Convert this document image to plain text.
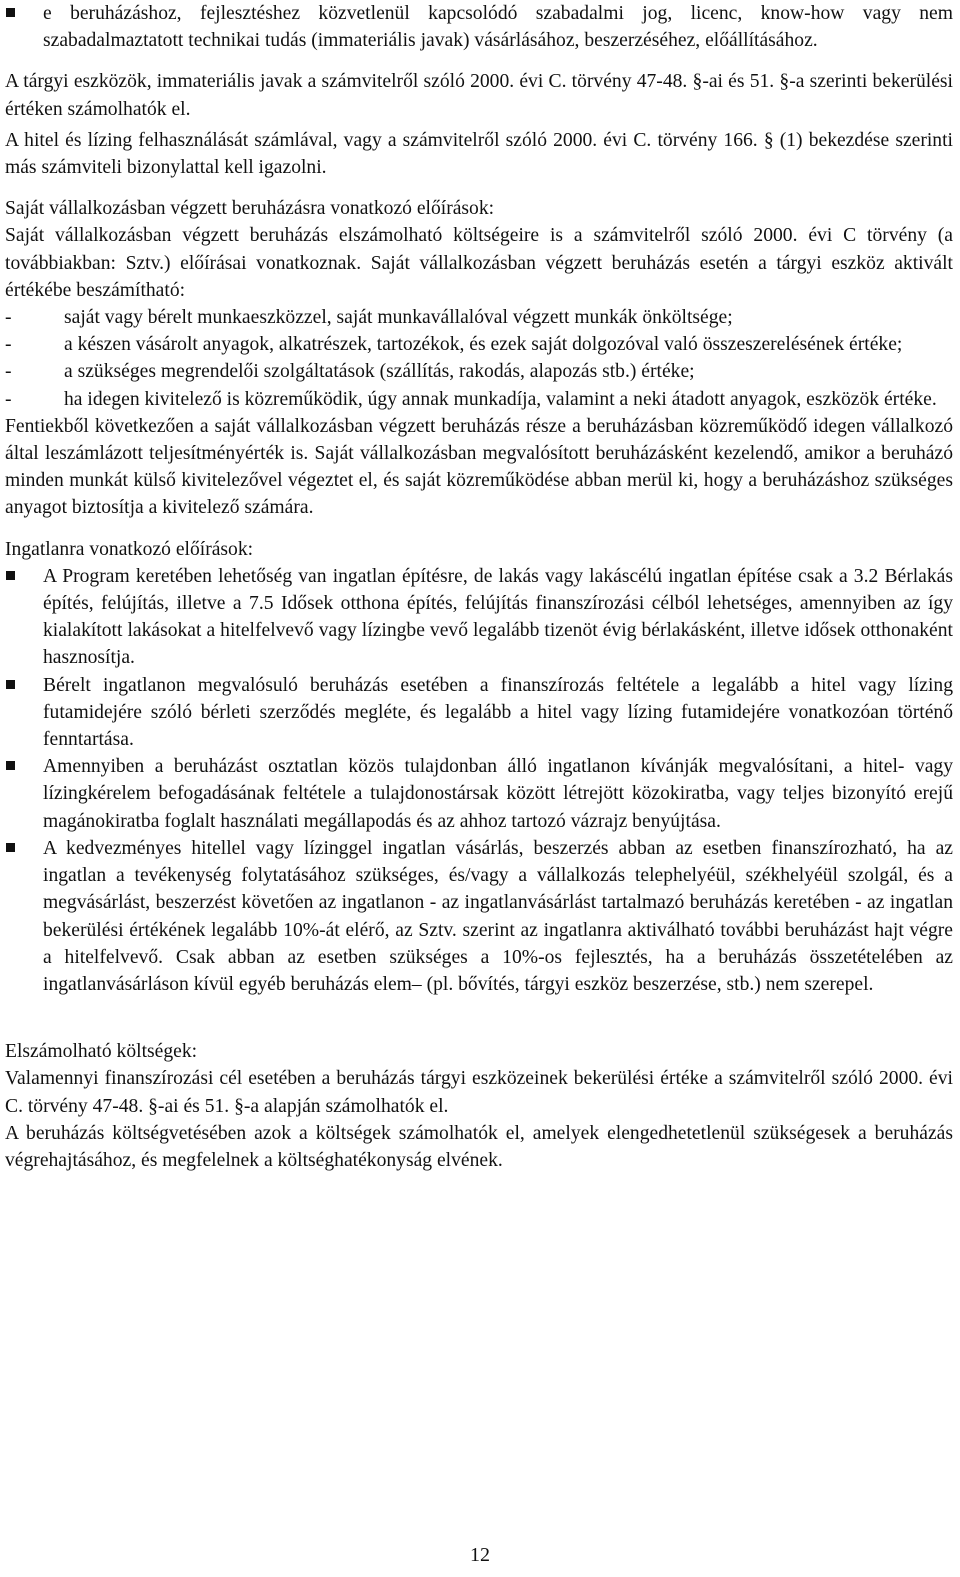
e beruházáshoz, fejlesztéshez közvetlenül kapcsolódó szabadalmi jog, licenc, know-how vagy nem szabadalmaztatott technikai tudás (immateriális javak) vásárlásához, beszerzéséhez, előállításához.

A tárgyi eszközök, immateriális javak a számvitelről szóló 2000. évi C. törvény 47-48. §-ai és 51. §-a szerinti bekerülési értéken számolhatók el.

A hitel és lízing felhasználását számlával, vagy a számvitelről szóló 2000. évi C. törvény 166. § (1) bekezdése szerinti más számviteli bizonylattal kell igazolni.

Saját vállalkozásban végzett beruházásra vonatkozó előírások:

Saját vállalkozásban végzett beruházás elszámolható költségeire is a számvitelről szóló 2000. évi C törvény (a továbbiakban: Sztv.) előírásai vonatkoznak. Saját vállalkozásban végzett beruházás esetén a tárgyi eszköz aktivált értékébe beszámítható:

-	saját vagy bérelt munkaeszközzel, saját munkavállalóval végzett munkák önköltsége;
-	a készen vásárolt anyagok, alkatrészek, tartozékok, és ezek saját dolgozóval való összeszerelésének értéke;
-	a szükséges megrendelői szolgáltatások (szállítás, rakodás, alapozás stb.) értéke;
-	ha idegen kivitelező is közreműködik, úgy annak munkadíja, valamint a neki átadott anyagok, eszközök értéke.

Fentiekből következően a saját vállalkozásban végzett beruházás része a beruházásban közreműködő idegen vállalkozó által leszámlázott teljesítményérték is. Saját vállalkozásban megvalósított beruházásként kezelendő, amikor a beruházó minden munkát külső kivitelezővel végeztet el, és saját közreműködése abban merül ki, hogy a beruházáshoz szükséges anyagot biztosítja a kivitelező számára.

Ingatlanra vonatkozó előírások:

A Program keretében lehetőség van ingatlan építésre, de lakás vagy lakáscélú ingatlan építése csak a 3.2 Bérlakás építés, felújítás, illetve a 7.5 Idősek otthona építés, felújítás finanszírozási célból lehetséges, amennyiben az így kialakított lakásokat a hitelfelvevő vagy lízingbe vevő legalább tizenöt évig bérlakásként, illetve idősek otthonaként hasznosítja.
Bérelt ingatlanon megvalósuló beruházás esetében a finanszírozás feltétele a legalább a hitel vagy lízing futamidejére szóló bérleti szerződés megléte, és legalább a hitel vagy lízing futamidejére vonatkozóan történő fenntartása.
Amennyiben a beruházást osztatlan közös tulajdonban álló ingatlanon kívánják megvalósítani, a hitel- vagy lízingkérelem befogadásának feltétele a tulajdonostársak között létrejött közokiratba, vagy teljes bizonyító erejű magánokiratba foglalt használati megállapodás és az ahhoz tartozó vázrajz benyújtása.
A kedvezményes hitellel vagy lízinggel ingatlan vásárlás, beszerzés abban az esetben finanszírozható, ha az ingatlan a tevékenység folytatásához szükséges, és/vagy a vállalkozás telephelyéül, székhelyéül szolgál, és a megvásárlást, beszerzést követően az ingatlanon - az ingatlanvásárlást tartalmazó beruházás keretében - az ingatlan bekerülési értékének legalább 10%-át elérő, az Sztv. szerint az ingatlanra aktiválható további beruházást hajt végre a hitelfelvevő. Csak abban az esetben szükséges a 10%-os fejlesztés, ha a beruházás összetételében az ingatlanvásárláson kívül egyéb beruházás elem– (pl. bővítés, tárgyi eszköz beszerzése, stb.) nem szerepel.

Elszámolható költségek:

Valamennyi finanszírozási cél esetében a beruházás tárgyi eszközeinek bekerülési értéke a számvitelről szóló 2000. évi C. törvény 47-48. §-ai és 51. §-a alapján számolhatók el.

A beruházás költségvetésében azok a költségek számolhatók el, amelyek elengedhetetlenül szükségesek a beruházás végrehajtásához, és megfelelnek a költséghatékonyság elvének.

12
